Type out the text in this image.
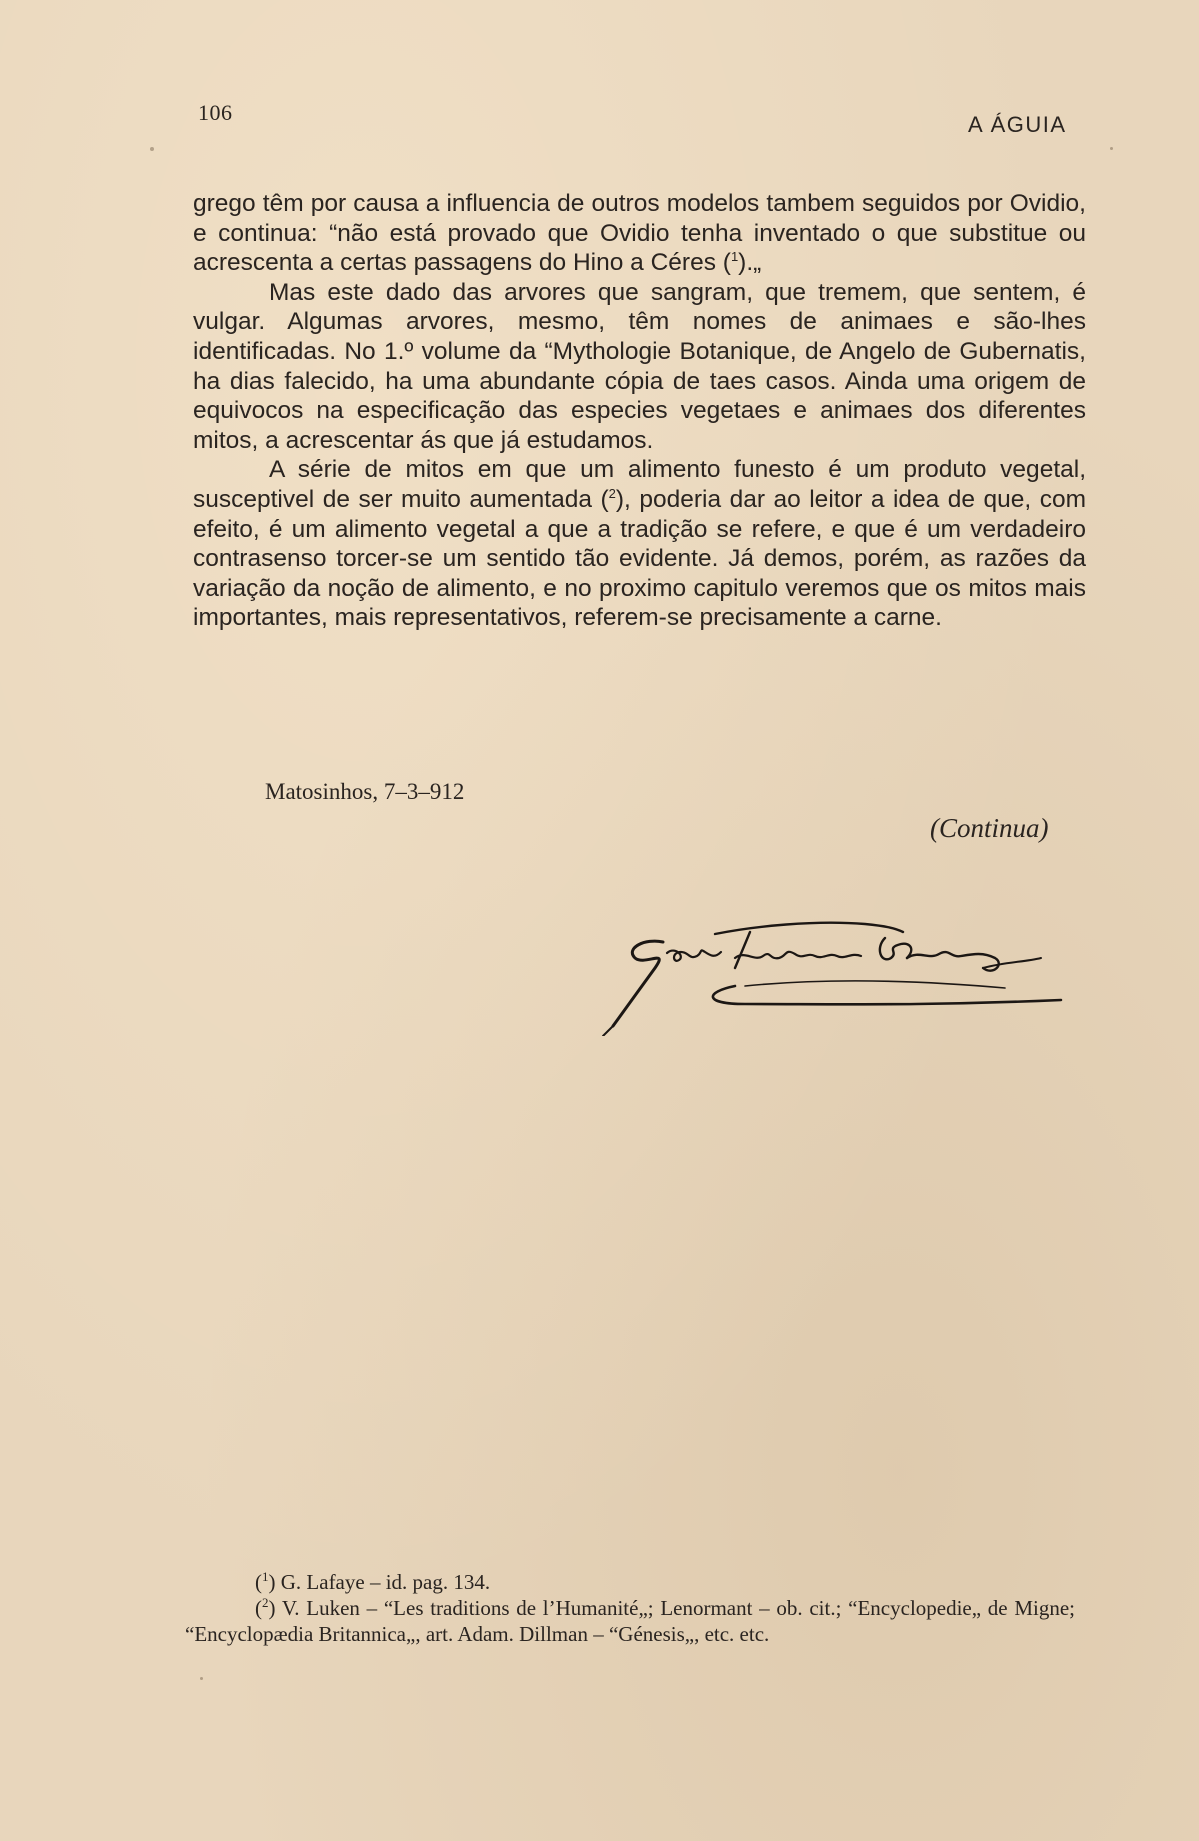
106	A ÁGUIA

grego têm por causa a influencia de outros modelos tambem seguidos por Ovidio, e continua: “não está provado que Ovidio tenha inventado o que substitue ou acrescenta a certas passagens do Hino a Céres ($^1$).„

Mas este dado das arvores que sangram, que tremem, que sentem, é vulgar. Algumas arvores, mesmo, têm nomes de animaes e são-lhes identificadas. No 1.º volume da “Mythologie Botanique, de Angelo de Gubernatis, ha dias falecido, ha uma abundante cópia de taes casos. Ainda uma origem de equivocos na especificação das especies vegetaes e animaes dos diferentes mitos, a acrescentar ás que já estudamos.

A série de mitos em que um alimento funesto é um produto vegetal, susceptivel de ser muito aumentada ($^2$), poderia dar ao leitor a idea de que, com efeito, é um alimento vegetal a que a tradição se refere, e que é um verdadeiro contrasenso torcer-se um sentido tão evidente. Já demos, porém, as razões da variação da noção de alimento, e no proximo capitulo veremos que os mitos mais importantes, mais representativos, referem-se precisamente a carne.

Matosinhos, 7–3–912
(Continua)

($^1$) G. Lafaye – id. pag. 134.

($^2$) V. Luken – “Les traditions de l’Humanité„; Lenormant – ob. cit.; “Encyclopedie„ de Migne; “Encyclopædia Britannica„, art. Adam. Dillman – “Génesis„, etc. etc.
